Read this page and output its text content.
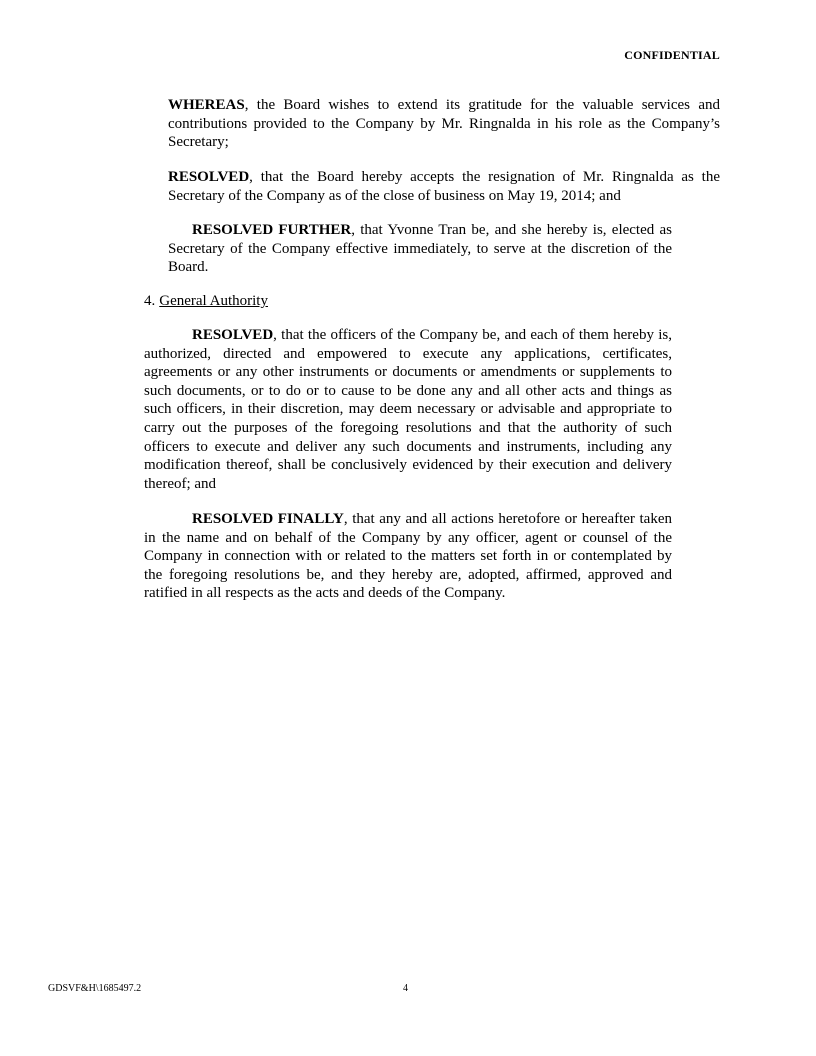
CONFIDENTIAL

WHEREAS, the Board wishes to extend its gratitude for the valuable services and contributions provided to the Company by Mr. Ringnalda in his role as the Company’s Secretary;

RESOLVED, that the Board hereby accepts the resignation of Mr. Ringnalda as the Secretary of the Company as of the close of business on May 19, 2014; and

RESOLVED FURTHER, that Yvonne Tran be, and she hereby is, elected as Secretary of the Company effective immediately, to serve at the discretion of the Board.

4. General Authority

RESOLVED, that the officers of the Company be, and each of them hereby is, authorized, directed and empowered to execute any applications, certificates, agreements or any other instruments or documents or amendments or supplements to such documents, or to do or to cause to be done any and all other acts and things as such officers, in their discretion, may deem necessary or advisable and appropriate to carry out the purposes of the foregoing resolutions and that the authority of such officers to execute and deliver any such documents and instruments, including any modification thereof, shall be conclusively evidenced by their execution and delivery thereof; and

RESOLVED FINALLY, that any and all actions heretofore or hereafter taken in the name and on behalf of the Company by any officer, agent or counsel of the Company in connection with or related to the matters set forth in or contemplated by the foregoing resolutions be, and they hereby are, adopted, affirmed, approved and ratified in all respects as the acts and deeds of the Company.

GDSVF&H\1685497.2	4
